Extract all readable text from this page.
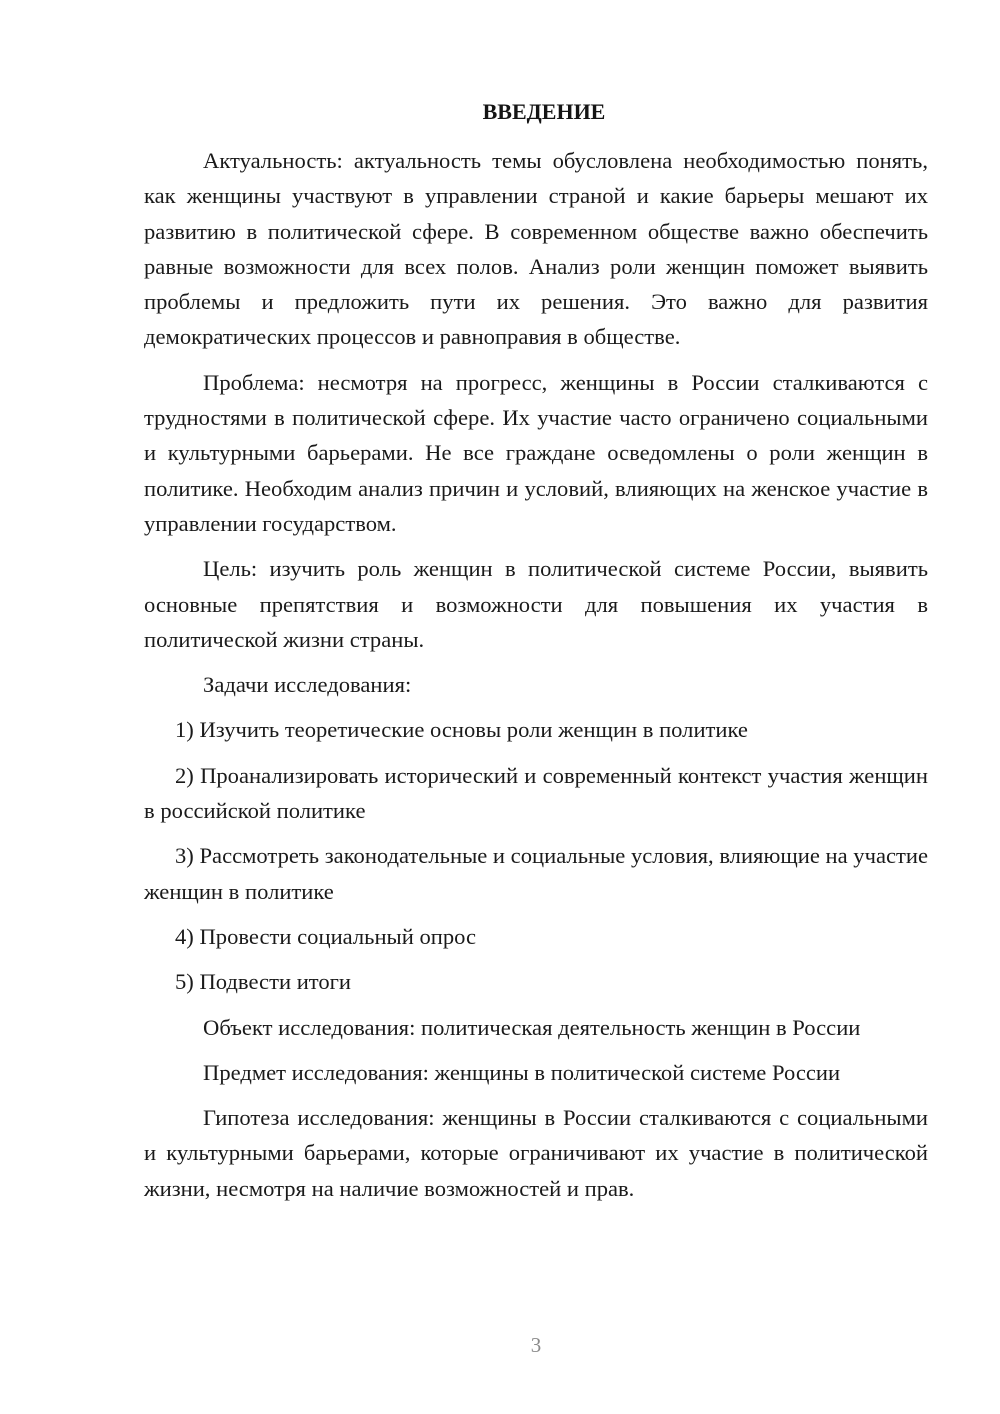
ВВЕДЕНИЕ

Актуальность: актуальность темы обусловлена необходимостью понять, как женщины участвуют в управлении страной и какие барьеры мешают их развитию в политической сфере. В современном обществе важно обеспечить равные возможности для всех полов. Анализ роли женщин поможет выявить проблемы и предложить пути их решения. Это важно для развития демократических процессов и равноправия в обществе.

Проблема: несмотря на прогресс, женщины в России сталкиваются с трудностями в политической сфере. Их участие часто ограничено социальными и культурными барьерами. Не все граждане осведомлены о роли женщин в политике. Необходим анализ причин и условий, влияющих на женское участие в управлении государством.

Цель: изучить роль женщин в политической системе России, выявить основные препятствия и возможности для повышения их участия в политической жизни страны.

Задачи исследования:

1) Изучить теоретические основы роли женщин в политике

2) Проанализировать исторический и современный контекст участия женщин в российской политике

3) Рассмотреть законодательные и социальные условия, влияющие на участие женщин в политике

4) Провести социальный опрос

5) Подвести итоги

Объект исследования: политическая деятельность женщин в России

Предмет исследования: женщины в политической системе России

Гипотеза исследования: женщины в России сталкиваются с социальными и культурными барьерами, которые ограничивают их участие в политической жизни, несмотря на наличие возможностей и прав.

3
